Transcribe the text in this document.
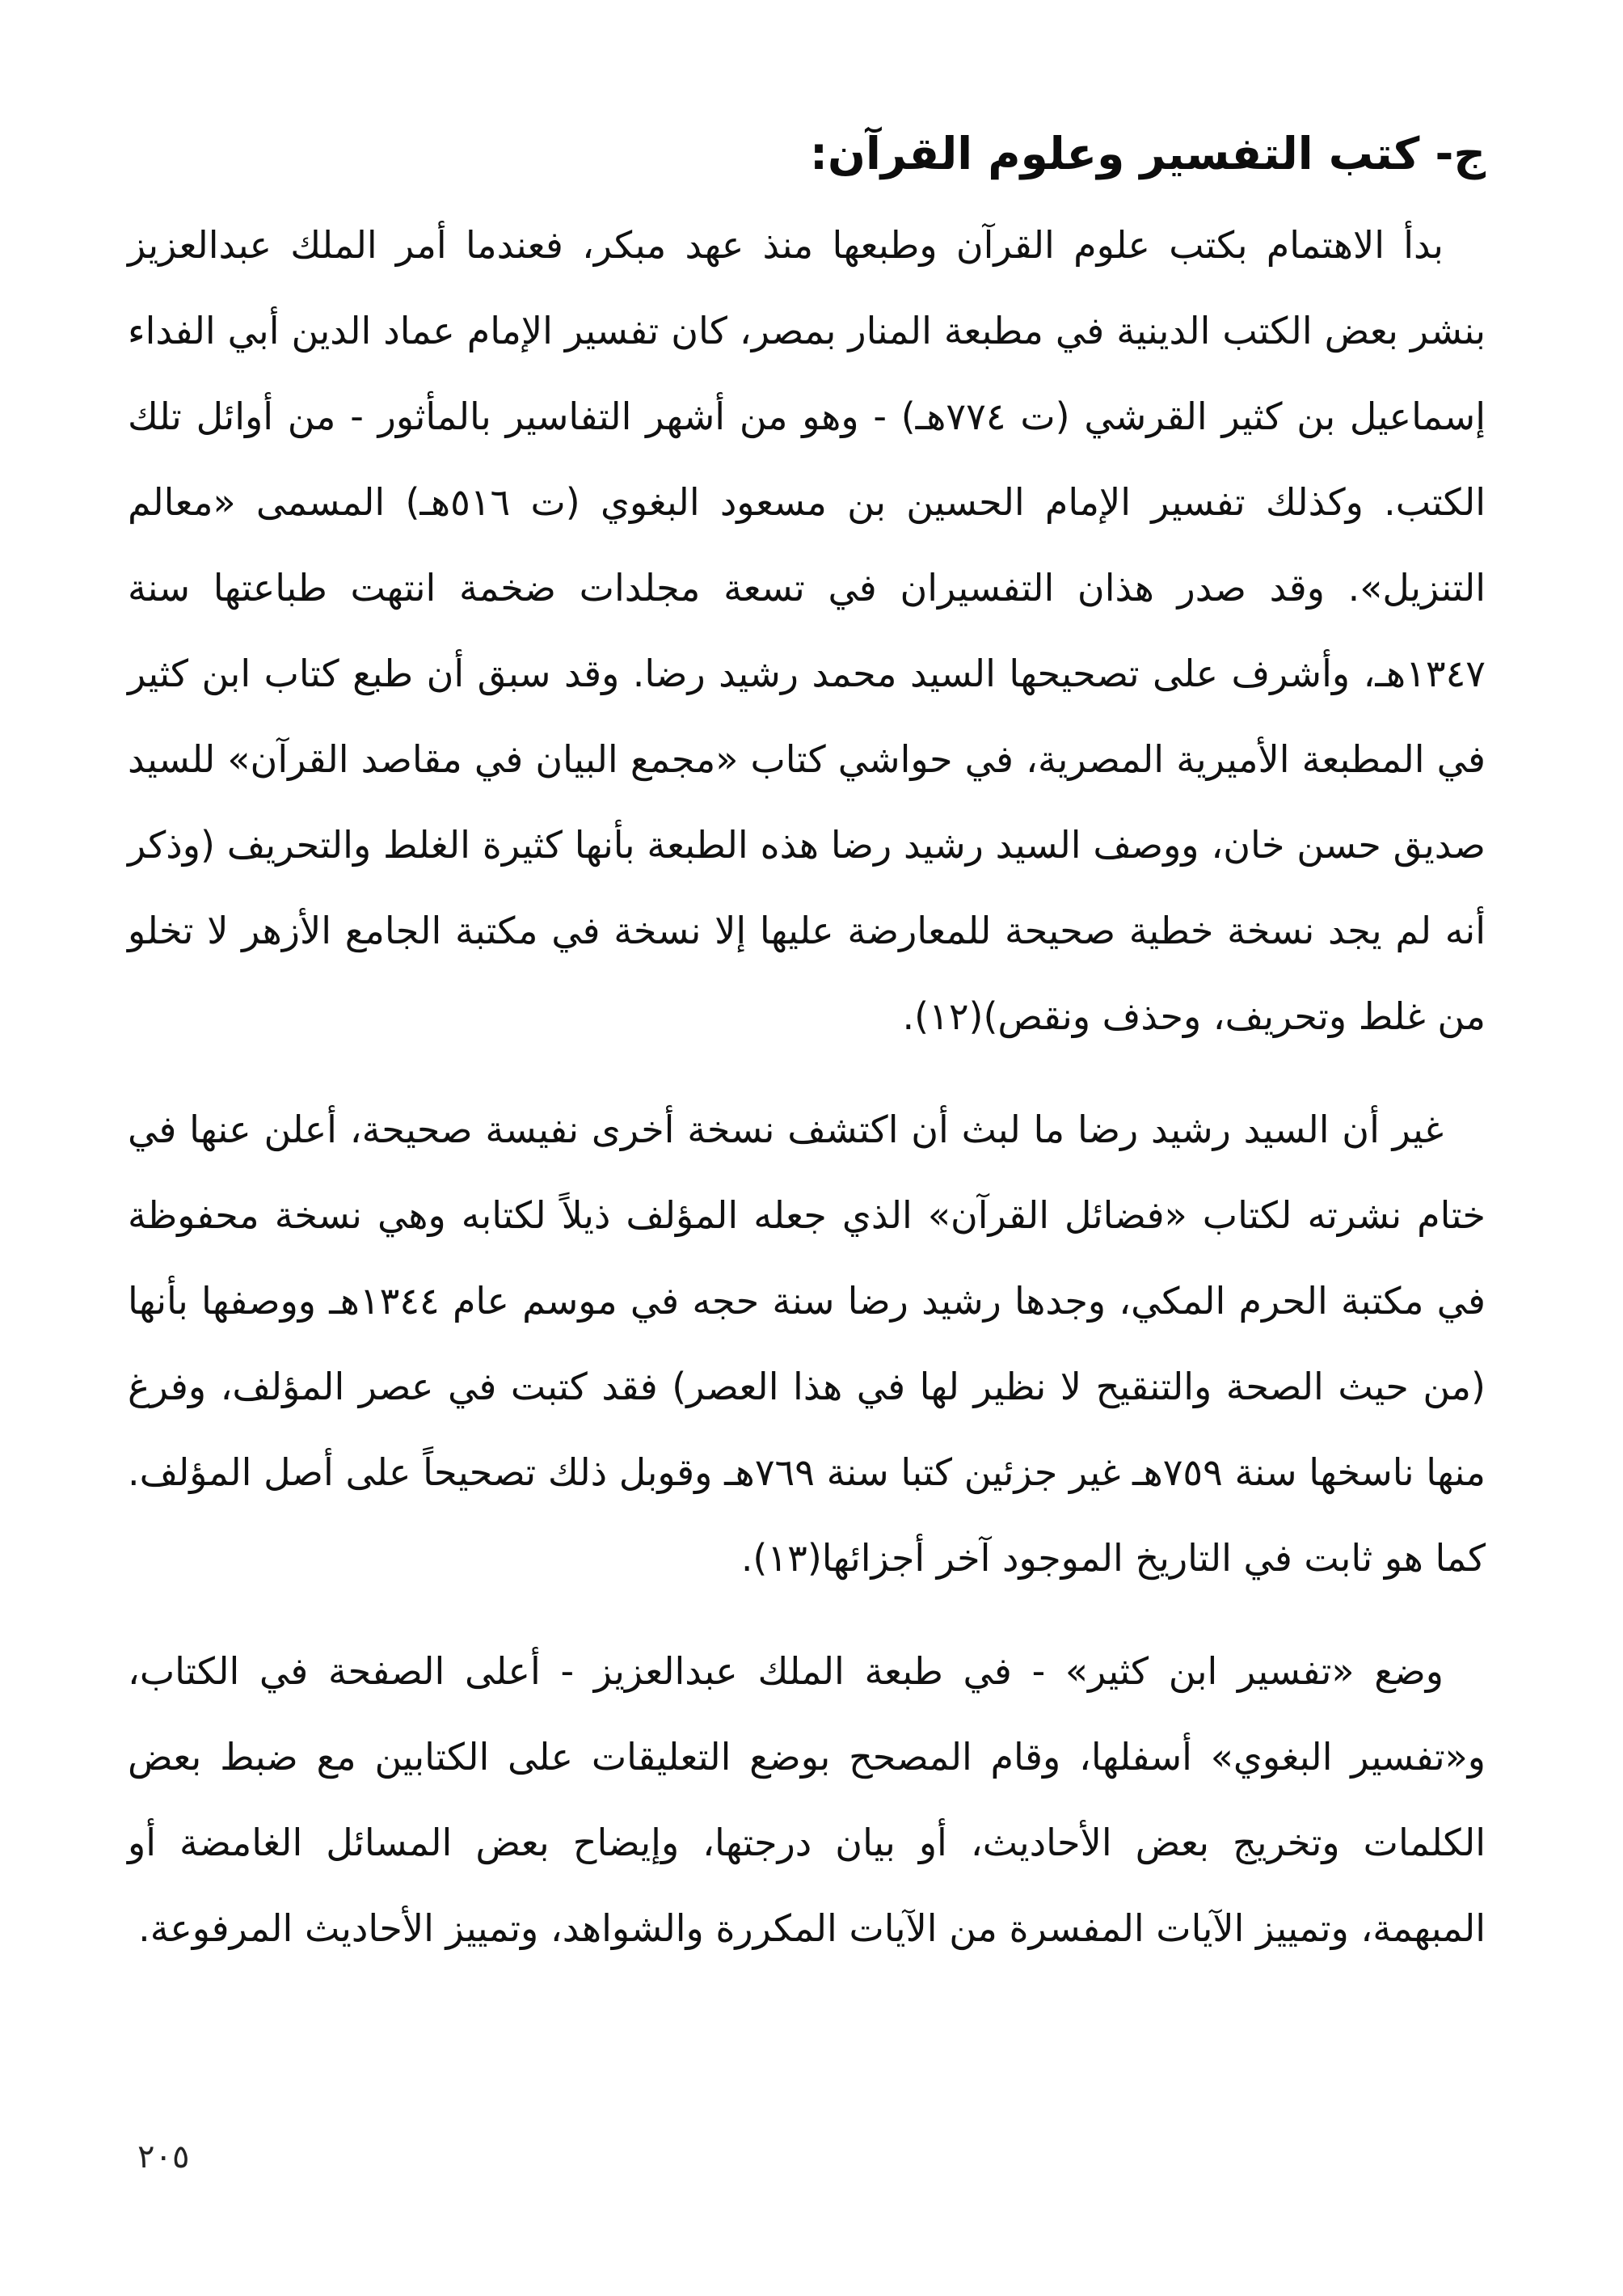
ج- كتب التفسير وعلوم القرآن:

بدأ الاهتمام بكتب علوم القرآن وطبعها منذ عهد مبكر، فعندما أمر الملك عبدالعزيز بنشر بعض الكتب الدينية في مطبعة المنار بمصر، كان تفسير الإمام عماد الدين أبي الفداء إسماعيل بن كثير القرشي (ت ٧٧٤هـ) - وهو من أشهر التفاسير بالمأثور - من أوائل تلك الكتب. وكذلك تفسير الإمام الحسين بن مسعود البغوي (ت ٥١٦هـ) المسمى «معالم التنزيل». وقد صدر هذان التفسيران في تسعة مجلدات ضخمة انتهت طباعتها سنة ١٣٤٧هـ، وأشرف على تصحيحها السيد محمد رشيد رضا. وقد سبق أن طبع كتاب ابن كثير في المطبعة الأميرية المصرية، في حواشي كتاب «مجمع البيان في مقاصد القرآن» للسيد صديق حسن خان، ووصف السيد رشيد رضا هذه الطبعة بأنها كثيرة الغلط والتحريف (وذكر أنه لم يجد نسخة خطية صحيحة للمعارضة عليها إلا نسخة في مكتبة الجامع الأزهر لا تخلو من غلط وتحريف، وحذف ونقص)(١٢).

غير أن السيد رشيد رضا ما لبث أن اكتشف نسخة أخرى نفيسة صحيحة، أعلن عنها في ختام نشرته لكتاب «فضائل القرآن» الذي جعله المؤلف ذيلاً لكتابه وهي نسخة محفوظة في مكتبة الحرم المكي، وجدها رشيد رضا سنة حجه في موسم عام ١٣٤٤هـ ووصفها بأنها (من حيث الصحة والتنقيح لا نظير لها في هذا العصر) فقد كتبت في عصر المؤلف، وفرغ منها ناسخها سنة ٧٥٩هـ غير جزئين كتبا سنة ٧٦٩هـ وقوبل ذلك تصحيحاً على أصل المؤلف. كما هو ثابت في التاريخ الموجود آخر أجزائها(١٣).

وضع «تفسير ابن كثير» - في طبعة الملك عبدالعزيز - أعلى الصفحة في الكتاب، و«تفسير البغوي» أسفلها، وقام المصحح بوضع التعليقات على الكتابين مع ضبط بعض الكلمات وتخريج بعض الأحاديث، أو بيان درجتها، وإيضاح بعض المسائل الغامضة أو المبهمة، وتمييز الآيات المفسرة من الآيات المكررة والشواهد، وتمييز الأحاديث المرفوعة.

٢٠٥
